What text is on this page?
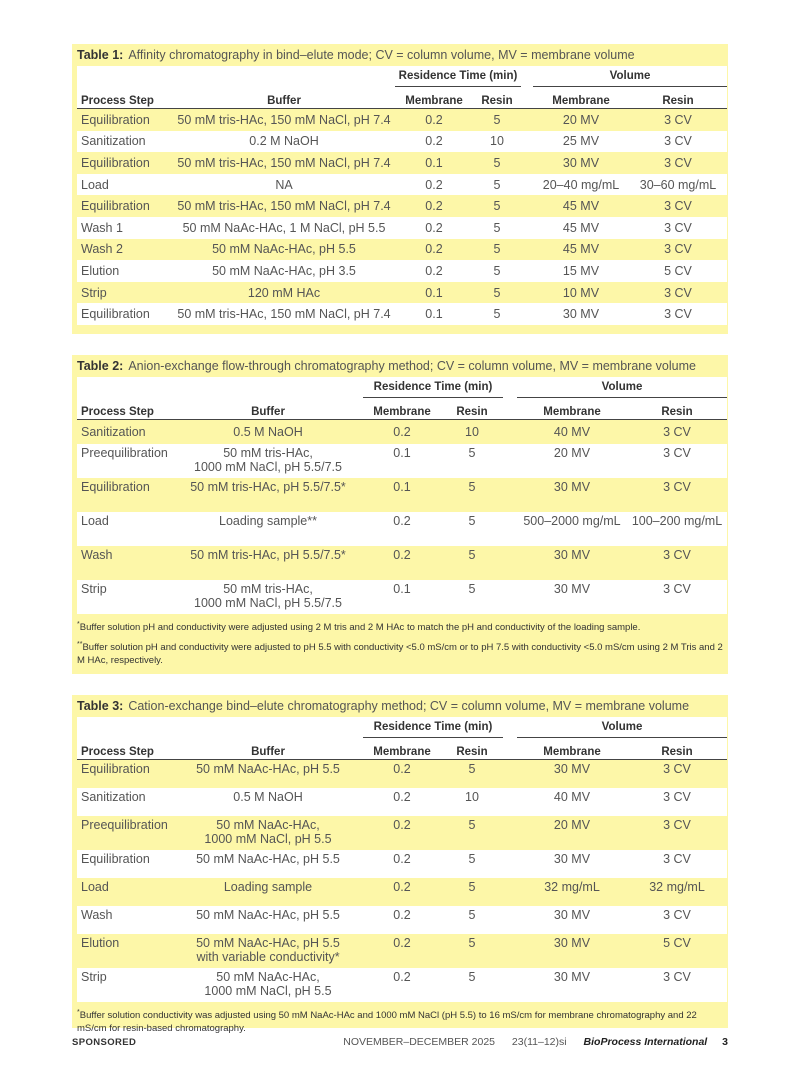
Table 1: Affinity chromatography in bind–elute mode; CV = column volume, MV = membrane volume
		Residence Time (min)			Volume	
Process Step	Buffer	Membrane	Resin		Membrane	Resin
Equilibration	50 mM tris-HAc, 150 mM NaCl, pH 7.4	0.2	5		20 MV	3 CV
Sanitization	0.2 M NaOH	0.2	10		25 MV	3 CV
Equilibration	50 mM tris-HAc, 150 mM NaCl, pH 7.4	0.1	5		30 MV	3 CV
Load	NA	0.2	5		20–40 mg/mL	30–60 mg/mL
Equilibration	50 mM tris-HAc, 150 mM NaCl, pH 7.4	0.2	5		45 MV	3 CV
Wash 1	50 mM NaAc-HAc, 1 M NaCl, pH 5.5	0.2	5		45 MV	3 CV
Wash 2	50 mM NaAc-HAc, pH 5.5	0.2	5		45 MV	3 CV
Elution	50 mM NaAc-HAc, pH 3.5	0.2	5		15 MV	5 CV
Strip	120 mM HAc	0.1	5		10 MV	3 CV
Equilibration	50 mM tris-HAc, 150 mM NaCl, pH 7.4	0.1	5		30 MV	3 CV
Table 2: Anion-exchange flow-through chromatography method; CV = column volume, MV = membrane volume
		Residence Time (min)			Volume	
Process Step	Buffer	Membrane	Resin		Membrane	Resin
Sanitization	0.5 M NaOH	0.2	10		40 MV	3 CV
Preequilibration	50 mM tris-HAc,
1000 mM NaCl, pH 5.5/7.5	0.1	5		20 MV	3 CV
Equilibration	50 mM tris-HAc, pH 5.5/7.5*	0.1	5		30 MV	3 CV
Load	Loading sample**	0.2	5		500–2000 mg/mL	100–200 mg/mL
Wash	50 mM tris-HAc, pH 5.5/7.5*	0.2	5		30 MV	3 CV
Strip	50 mM tris-HAc,
1000 mM NaCl, pH 5.5/7.5	0.1	5		30 MV	3 CV
*Buffer solution pH and conductivity were adjusted using 2 M tris and 2 M HAc to match the pH and conductivity of the loading sample.
**Buffer solution pH and conductivity were adjusted to pH 5.5 with conductivity <5.0 mS/cm or to pH 7.5 with conductivity <5.0 mS/cm using 2 M Tris and 2 M HAc, respectively.
Table 3: Cation-exchange bind–elute chromatography method; CV = column volume, MV = membrane volume
		Residence Time (min)			Volume	
Process Step	Buffer	Membrane	Resin		Membrane	Resin
Equilibration	50 mM NaAc-HAc, pH 5.5	0.2	5		30 MV	3 CV
Sanitization	0.5 M NaOH	0.2	10		40 MV	3 CV
Preequilibration	50 mM NaAc-HAc,
1000 mM NaCl, pH 5.5	0.2	5		20 MV	3 CV
Equilibration	50 mM NaAc-HAc, pH 5.5	0.2	5		30 MV	3 CV
Load	Loading sample	0.2	5		32 mg/mL	32 mg/mL
Wash	50 mM NaAc-HAc, pH 5.5	0.2	5		30 MV	3 CV
Elution	50 mM NaAc-HAc, pH 5.5
with variable conductivity*	0.2	5		30 MV	5 CV
Strip	50 mM NaAc-HAc,
1000 mM NaCl, pH 5.5	0.2	5		30 MV	3 CV
*Buffer solution conductivity was adjusted using 50 mM NaAc-HAc and 1000 mM NaCl (pH 5.5) to 16 mS/cm for membrane chromatography and 22 mS/cm for resin-based chromatography.
SPONSORED	NOVEMBER–DECEMBER 2025 23(11–12)si BioProcess International 3
